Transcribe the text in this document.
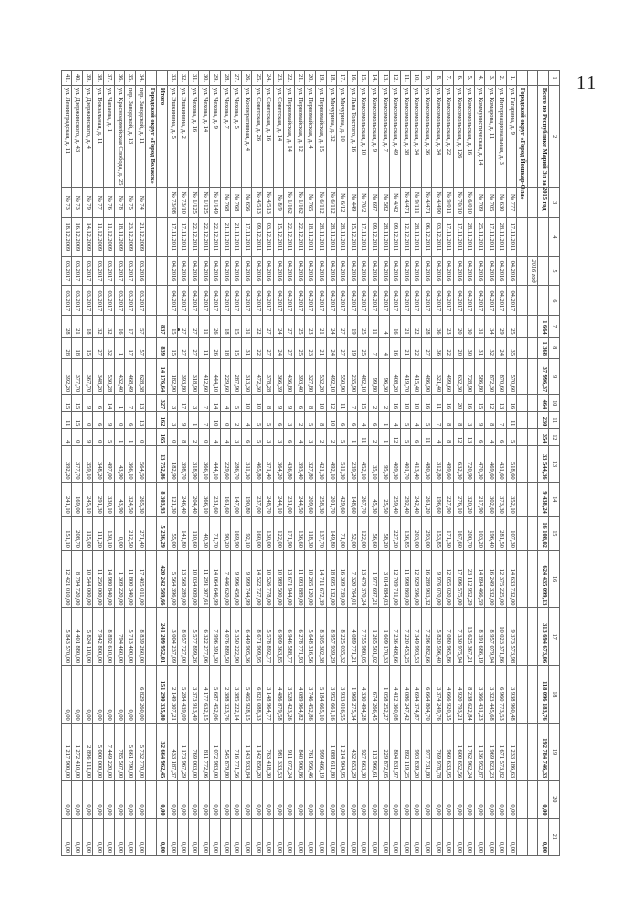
11
1	2	3	4	5	6	7	8	9	10	11	12	13	14	15	16	17	18	19	20	21
	Всего по Республике Марий Эл за 2015 год					1 664	1 368	37 996,37	464	230	354	33 544,36	9 438,24	16 108,02	624 435 099,13	313 694 673,06	118 096 183,76	192 784 746,33	0,00	0,00
				2016 год																
	Городской округ «Город Йошкар-Ола»																			
1.	ул. Гагарина, д. 9	№ 777	17.11.2011	04.2016	04.2017	25	35	570,60	16	11	5	518,60	352,10	107,30	14 633 732,00	9 373 573,98	3 938 960,48	1 233 186,63	0,00	0,00
2.	ул. Интернациональная, д. 3	№ 630	28.11.2011	04.2016	04.2017	29	24	870,60	13	7	6	431,60	373,30	281,50	12 375 225,00	10 023 371,86	6 960 773,53	1 671 573,82	0,00	0,00
3.	ул. Комарова, д. 11	№ 705	17.11.2011	04.2016	04.2017	34	32	872,30	12	8	4	469,60	302,60	196,40	16 249 332,00	8 957 079,94	3 323 445,68	1 969 823,23	0,00	0,00
4.	ул. Коммунистическая, д. 14	№ 709	25.11.2011	04.2016	04.2017	31	31	586,80	15	9	6	470,30	217,90	103,20	14 894 466,59	8 391 686,19	3 366 431,23	1 136 952,87	0,00	0,00
5.	ул. Комсомольская, д. 16	№ 6/010	28.11.2011	04.2016	04.2017	30	30	728,90	16	3	13	720,90	320,20	200,70	23 112 952,29	13 625 367,21	8 238 622,84	1 762 962,24	0,00	0,00
6.	ул. Комсомольская, д. 126	№ 70/10	17.11.2011	04.2016	04.2017	20	20	632,30	20	8	12	632,30	276,10	167,60	17 096 575,00	7 330 975,94	4 920 793,21	1 600 652,56	0,00	0,00
7.	ул. Комсомольская, д. 22	№ 9/011	17.11.2011	04.2016	04.2017	23	22	499,60	16	8	8	499,60	227,90	171,30	12 055 020,00	7 080 965,86	4 666 920,35	960 633,95	0,00	0,00
8.	ул. Комсомольская, д. 34	№ 4/490	03.12.2011	04.2016	04.2017	36	36	321,40	11	7	4	312,80	196,60	153,85	9 976 070,00	5 820 596,40	3 374 249,76	769 978,78	0,00	0,00
9.	ул. Комсомольская, д. 36	№ 4/471	06.12.2011	04.2016	04.2017	28	27	486,90	16	5	11	480,30	261,20	293,00	16 289 903,32	7 296 882,66	6 664 804,70	977 731,80	0,00	0,00
10.	ул. Комсомольская, д. 34	№ 9/111	28.11.2011	04.2016	04.2017	22	22	415,40	10	4	6	413,40	242,40	203,00	12 929 596,00	7 349 993,53	4 694 374,87	993 839,20	0,00	0,00
11.	ул. Комсомольская, д. 38	№ 4/471	12.12.2011	04.2016	04.2017	21	21	419,70	10	5	5	401,70	292,40	136,85	11 998 869,00	7 220 453,25	4 086 247,42	892 119,25	0,00	0,00
12.	ул. Комсомольская, д. 49	№ 4/42	09.12.2011	04.2016	04.2017	16	16	408,20	16	4	12	409,30	259,40	227,20	12 709 711,00	7 236 468,66	4 412 360,08	804 831,97	0,00	0,00
13.	ул. Комсомольская, д. 7	№ 582	28.11.2011	04.2016	04.2017	4	4	96,30	2	1	1	95,30	25,50	58,20	3 014 884,03	1 609 170,33	1 058 252,27	229 872,05	0,00	0,00
14.	ул. Комсомольская, д. 9	№ 697	09.12.2011	04.2016	04.2017	11	7	99,80	2	6	2	35,10	45,30	56,60	1 977 697,21	1 265 501,02	674 266,45	113 966,61	0,00	0,00
15.	ул. Комсомольская, д. 10	№ 70/2	17.11.2011	04.2016	04.2017	25	25	482,10	15	4	11	452,10	267,70	122,00	13 479 370,24	7 755 980,05	4 330 494,28	927 663,30	0,00	0,00
16.	ул. Льва Толстого, д. 16	№ 449	15.12.2011	04.2016	04.2017	19	19	235,90	7	6	1	239,20	148,60	52,00	7 320 764,01	4 089 771,21	1 968 275,34	432 653,29	0,00	0,00
17.	ул. Мичурина, д. 10	№ 6/12	28.11.2011	04.2016	04.2017	27	27	550,90	11	6	5	511,30	429,60	71,00	16 309 739,00	8 225 035,32	3 933 016,55	1 214 904,95	0,00	0,00
18.	ул. Мичурина, д. 32	№ 6/112	28.11.2011	04.2016	04.2017	24	24	492,10	12	10	2	492,10	201,70	149,80	18 695 132,00	8 957 939,29	3 952 661,16	1 088 611,80	0,00	0,00
19.	ул. Первомайская, д. 15	№ 6/112	28.11.2011	04.2016	04.2017	21	21	532,20	10	8	2	421,30	258,30	137,70	14 711 672,39	8 305 302,38	5 184 665,10	999 466,19	0,00	0,00
20.	ул. Первомайская, д. 4	№ 765	18.11.2011	04.2016	04.2017	23	23	327,80	8	5	3	327,80	209,60	118,30	10 265 120,00	5 648 316,56	3 746 452,86	761 956,46	0,00	0,00
21.	ул. Первомайская, д. 12	№ 1/162	22.12.2011	04.2016	04.2017	25	25	393,40	6	2	4	393,40	244,50	136,60	11 093 889,00	6 278 771,93	4 089 964,82	840 906,86	0,00	0,00
22.	ул. Первомайская, д. 14	№ 1/162	22.12.2011	04.2016	04.2017	27	27	436,80	9	3	6	436,80	231,00	171,90	13 671 944,00	6 946 588,77	3 528 423,26	911 072,24	0,00	0,00
23.	ул. Советская, д. 14	№ 8/9	15.12.2011	04.2016	04.2017	24	24	366,39	9	6	3	364,20	244,10	122,00	10 989 500,00	6 909 363,85	4 486 879,58	981 333,53	0,00	0,00
24.	ул. Советская, д. 16	№ 4/513	03.12.2011	04.2016	04.2017	27	27	378,28	8	5	3	371,40	248,70	130,00	10 526 778,00	5 578 892,77	3 148 964,77	763 418,30	0,00	0,00
25.	ул. Советская, д. 26	№ 4/513	09.12.2011	04.2016	04.2017	22	22	472,30	10	5	5	465,80	237,00	160,00	14 522 727,00	8 671 909,95	6 821 088,33	1 142 850,20	0,00	0,00
26.	ул. Кооперативная, д. 4	№ 656	17.11.2011	04.2016	04.2017	31	31	313,30	10	4	6	311,30	190,80	92,10	9 999 744,99	6 449 905,36	5 465 928,15	1 143 933,84	0,00	0,00
27.	ул. Чехова, д. 5	№ 768	21.11.2011	04.2016	04.2017	15	15	287,90	5	2	3	286,70	147,00	169,90	9 996 458,00	5 350 222,90	3 385 222,14	716 771,56	0,00	0,00
28.	ул. Чехова, д. 7	№ 768	21.11.2011	04.2016	04.2017	18	18	229,60	4	0	4	229,60	161,60	90,20	7 446 620,00	4 076 889,50	2 388 323,76	545 879,80	0,00	0,00
29.	ул. Чехова, д. 9	№ 1/149	22.12.2011	04.2016	04.2017	26	26	444,10	14	10	4	444,10	231,60	71,70	14 064 646,99	7 996 391,30	5 687 452,06	1 072 983,00	0,00	0,00
30.	ул. Чехова, д. 14	№ 1/125	22.12.2011	04.2016	04.2017	11	11	412,60	7	7	0	366,10	366,10	40,30	11 291 307,61	6 322 277,06	4 177 632,15	811 772,06	0,00	0,00
31.	ул. Чехова, д. 16	№ 1/125	22.12.2011	04.2016	04.2017	27	27	318,90	3	1	2	318,90	204,40	110,60	10 034 009,00	5 577 899,26	3 373 913,49	769 003,00	0,00	0,00
32.	ул. Эшкинина, д. 2	№ 73/10	17.11.2011	04.2016	04.2017	27	27	393,80	17	9	8	398,70	246,40	141,80	13 568 289,00	8 057 727,00	5 284 439,09	1 173 967,29	0,00	0,00
33.	ул. Эшкинина, д. 5	№ 73/08	17.11.2011	04.2016	04.2017	15	15	182,90	3	3	0	182,90	121,30	55,00	5 564 396,00	3 004 237,09	2 149 307,21	433 187,37	0,00	0,00
	Итого					837	839	14 176,64	327	162	165	13 752,86	8 303,93	5 236,29	420 242 569,66	241 209 952,01	151 290 335,80	32 664 962,45	0,00	0,00
	Городской округ «Город Волжск»																			
34.	пер. Заводской, д. 11	№ 74	21.12.2009	03.2016	03.2017	57	57	628,38	13	13	0	564,50	265,30	271,40	17 405 011,00	8 839 260,00	6 829 260,00	5 732 770,00	0,00	0,00
35.	пер. Заводской, д. 13	№ 75	23.12.2009	03.2017	03.2017	17	17	468,49	7	6	1	366,10	324,50	212,50	11 800 340,00	5 713 400,00	0,00	5 661 790,00	0,00	0,00
36.	ул. Красноармейская Слобода, д. 25	№ 78	18.11.2009	03.2017	03.2017	16	1	432,40	1	0	1	43,90	43,90	0,00	1 309 220,00	794 460,00	0,00	785 507,00	0,00	0,00
37.	ул. Чапаева, д. 1	№ 76	11.12.2009	03.2017	03.2017	32	32	530,28	14	9	5	497,00	330,10	130,10	14 980 840,00	8 892 610,00	0,00	7 449 220,00	0,00	0,00
38.	ул. Вокзальная, д. 11	№ 77	11.12.2009	03.2017	03.2017	32	27	348,20	6	6	0	348,20	291,30	111,20	11 250 000,00	7 942 800,00	0,00	5 000 000,00	0,00	0,00
39.	ул. Дзержинского, д. 4	№ 79	14.12.2009	03.2017	03.2017	18	15	367,70	9	0	9	359,10	245,10	115,00	10 544 000,00	5 824 110,00	0,00	2 896 111,00	0,00	0,00
40.	ул. Дзержинского, д. 43	№ 73	16.12.2009	03.2017	03.2017	21	18	377,70	15	15	0	377,70	169,00	208,70	8 794 720,00	4 401 880,00	0,00	1 272 410,00	0,00	0,00
41.	ул. Ленинградская, д. 11	№ 73	18.12.2009	03.2017	03.2017	28	28	392,20	15	11	4	392,20	241,10	151,10	12 421 010,00	5 843 570,00	0,00	1 217 900,00	0,00	0,00
